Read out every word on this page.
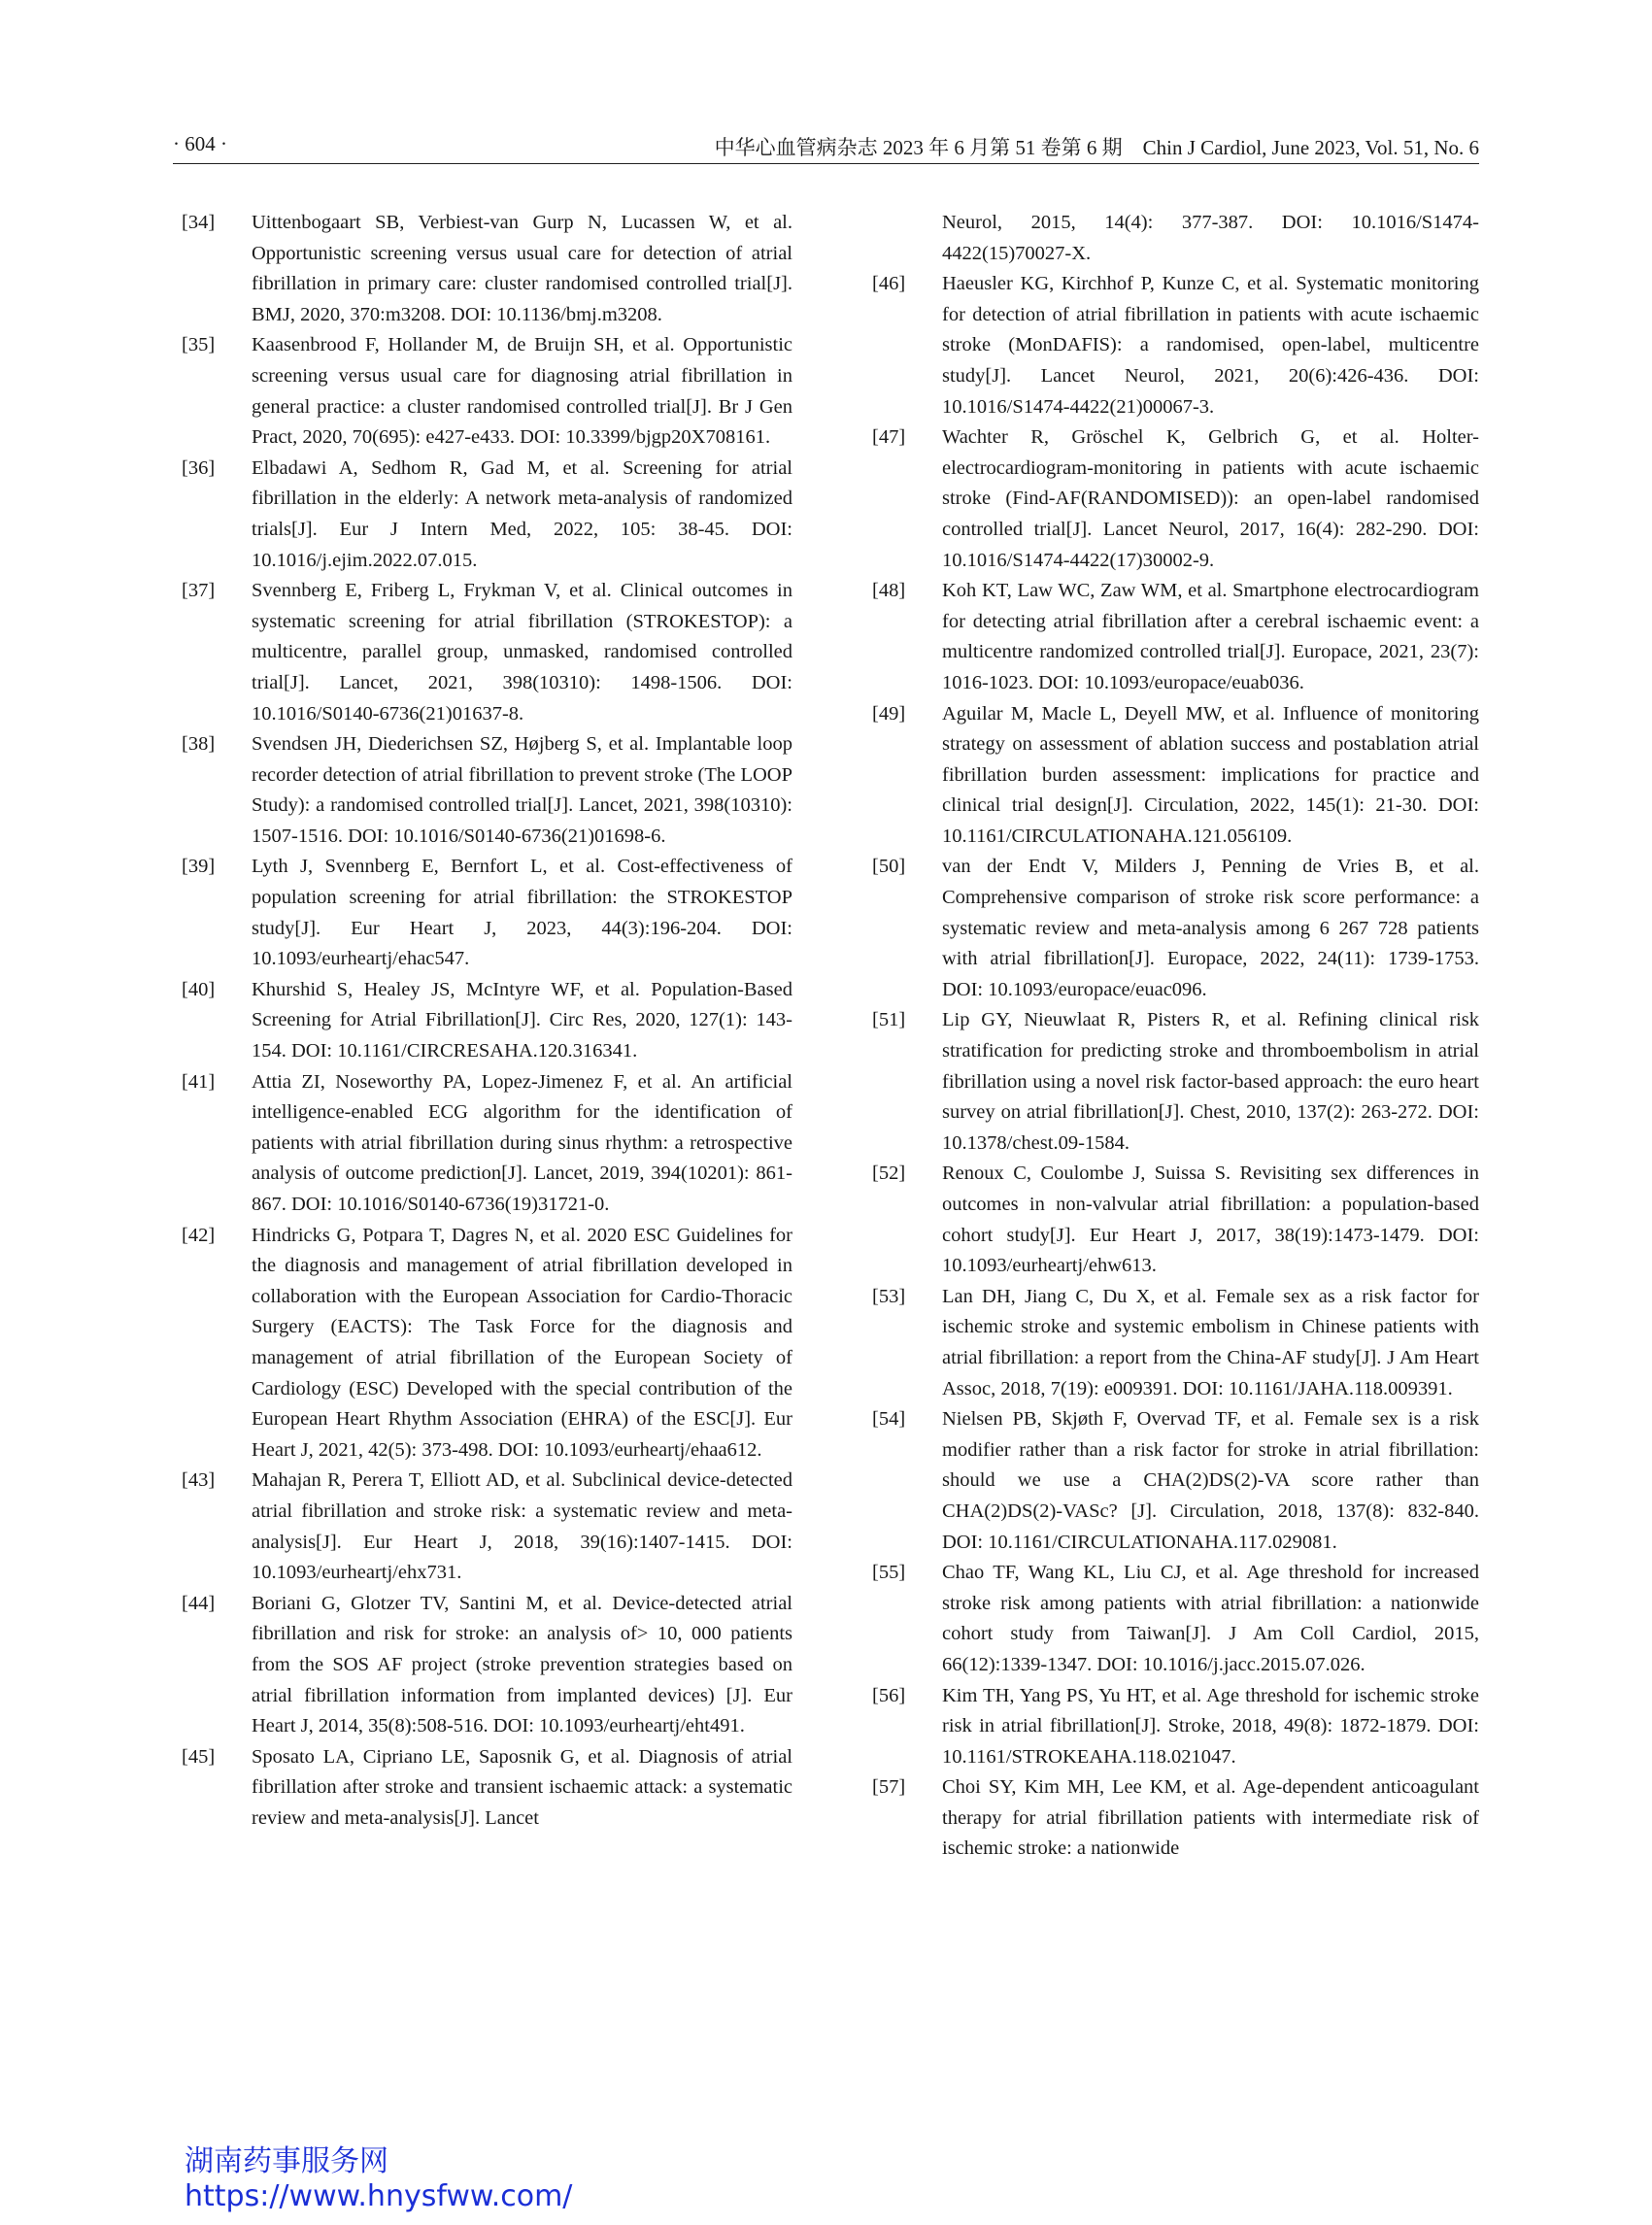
· 604 ·	中华心血管病杂志 2023 年 6 月第 51 卷第 6 期　Chin J Cardiol, June 2023, Vol. 51, No. 6

[34] Uittenbogaart SB, Verbiest-van Gurp N, Lucassen W, et al. Opportunistic screening versus usual care for detection of atrial fibrillation in primary care: cluster randomised controlled trial[J]. BMJ, 2020, 370:m3208. DOI: 10.1136/bmj.m3208.

[35] Kaasenbrood F, Hollander M, de Bruijn SH, et al. Opportunistic screening versus usual care for diagnosing atrial fibrillation in general practice: a cluster randomised controlled trial[J]. Br J Gen Pract, 2020, 70(695): e427-e433. DOI: 10.3399/bjgp20X708161.

[36] Elbadawi A, Sedhom R, Gad M, et al. Screening for atrial fibrillation in the elderly: A network meta-analysis of randomized trials[J]. Eur J Intern Med, 2022, 105: 38-45. DOI: 10.1016/j.ejim.2022.07.015.

[37] Svennberg E, Friberg L, Frykman V, et al. Clinical outcomes in systematic screening for atrial fibrillation (STROKESTOP): a multicentre, parallel group, unmasked, randomised controlled trial[J]. Lancet, 2021, 398(10310): 1498-1506. DOI: 10.1016/S0140-6736(21)01637-8.

[38] Svendsen JH, Diederichsen SZ, Højberg S, et al. Implantable loop recorder detection of atrial fibrillation to prevent stroke (The LOOP Study): a randomised controlled trial[J]. Lancet, 2021, 398(10310): 1507-1516. DOI: 10.1016/S0140-6736(21)01698-6.

[39] Lyth J, Svennberg E, Bernfort L, et al. Cost-effectiveness of population screening for atrial fibrillation: the STROKESTOP study[J]. Eur Heart J, 2023, 44(3):196-204. DOI: 10.1093/eurheartj/ehac547.

[40] Khurshid S, Healey JS, McIntyre WF, et al. Population-Based Screening for Atrial Fibrillation[J]. Circ Res, 2020, 127(1): 143-154. DOI: 10.1161/CIRCRESAHA.120.316341.

[41] Attia ZI, Noseworthy PA, Lopez-Jimenez F, et al. An artificial intelligence-enabled ECG algorithm for the identification of patients with atrial fibrillation during sinus rhythm: a retrospective analysis of outcome prediction[J]. Lancet, 2019, 394(10201): 861-867. DOI: 10.1016/S0140-6736(19)31721-0.

[42] Hindricks G, Potpara T, Dagres N, et al. 2020 ESC Guidelines for the diagnosis and management of atrial fibrillation developed in collaboration with the European Association for Cardio-Thoracic Surgery (EACTS): The Task Force for the diagnosis and management of atrial fibrillation of the European Society of Cardiology (ESC) Developed with the special contribution of the European Heart Rhythm Association (EHRA) of the ESC[J]. Eur Heart J, 2021, 42(5): 373-498. DOI: 10.1093/eurheartj/ehaa612.

[43] Mahajan R, Perera T, Elliott AD, et al. Subclinical device-detected atrial fibrillation and stroke risk: a systematic review and meta-analysis[J]. Eur Heart J, 2018, 39(16):1407-1415. DOI: 10.1093/eurheartj/ehx731.

[44] Boriani G, Glotzer TV, Santini M, et al. Device-detected atrial fibrillation and risk for stroke: an analysis of> 10, 000 patients from the SOS AF project (stroke prevention strategies based on atrial fibrillation information from implanted devices) [J]. Eur Heart J, 2014, 35(8):508-516. DOI: 10.1093/eurheartj/eht491.

[45] Sposato LA, Cipriano LE, Saposnik G, et al. Diagnosis of atrial fibrillation after stroke and transient ischaemic attack: a systematic review and meta-analysis[J]. Lancet

Neurol, 2015, 14(4): 377-387. DOI: 10.1016/S1474-4422(15)70027-X.

[46] Haeusler KG, Kirchhof P, Kunze C, et al. Systematic monitoring for detection of atrial fibrillation in patients with acute ischaemic stroke (MonDAFIS): a randomised, open-label, multicentre study[J]. Lancet Neurol, 2021, 20(6):426-436. DOI: 10.1016/S1474-4422(21)00067-3.

[47] Wachter R, Gröschel K, Gelbrich G, et al. Holter-electrocardiogram-monitoring in patients with acute ischaemic stroke (Find-AF(RANDOMISED)): an open-label randomised controlled trial[J]. Lancet Neurol, 2017, 16(4): 282-290. DOI: 10.1016/S1474-4422(17)30002-9.

[48] Koh KT, Law WC, Zaw WM, et al. Smartphone electrocardiogram for detecting atrial fibrillation after a cerebral ischaemic event: a multicentre randomized controlled trial[J]. Europace, 2021, 23(7): 1016-1023. DOI: 10.1093/europace/euab036.

[49] Aguilar M, Macle L, Deyell MW, et al. Influence of monitoring strategy on assessment of ablation success and postablation atrial fibrillation burden assessment: implications for practice and clinical trial design[J]. Circulation, 2022, 145(1): 21-30. DOI: 10.1161/CIRCULATIONAHA.121.056109.

[50] van der Endt V, Milders J, Penning de Vries B, et al. Comprehensive comparison of stroke risk score performance: a systematic review and meta-analysis among 6 267 728 patients with atrial fibrillation[J]. Europace, 2022, 24(11): 1739-1753. DOI: 10.1093/europace/euac096.

[51] Lip GY, Nieuwlaat R, Pisters R, et al. Refining clinical risk stratification for predicting stroke and thromboembolism in atrial fibrillation using a novel risk factor-based approach: the euro heart survey on atrial fibrillation[J]. Chest, 2010, 137(2): 263-272. DOI: 10.1378/chest.09-1584.

[52] Renoux C, Coulombe J, Suissa S. Revisiting sex differences in outcomes in non-valvular atrial fibrillation: a population-based cohort study[J]. Eur Heart J, 2017, 38(19):1473-1479. DOI: 10.1093/eurheartj/ehw613.

[53] Lan DH, Jiang C, Du X, et al. Female sex as a risk factor for ischemic stroke and systemic embolism in Chinese patients with atrial fibrillation: a report from the China-AF study[J]. J Am Heart Assoc, 2018, 7(19): e009391. DOI: 10.1161/JAHA.118.009391.

[54] Nielsen PB, Skjøth F, Overvad TF, et al. Female sex is a risk modifier rather than a risk factor for stroke in atrial fibrillation: should we use a CHA(2)DS(2)-VA score rather than CHA(2)DS(2)-VASc? [J]. Circulation, 2018, 137(8): 832-840. DOI: 10.1161/CIRCULATIONAHA.117.029081.

[55] Chao TF, Wang KL, Liu CJ, et al. Age threshold for increased stroke risk among patients with atrial fibrillation: a nationwide cohort study from Taiwan[J]. J Am Coll Cardiol, 2015, 66(12):1339-1347. DOI: 10.1016/j.jacc.2015.07.026.

[56] Kim TH, Yang PS, Yu HT, et al. Age threshold for ischemic stroke risk in atrial fibrillation[J]. Stroke, 2018, 49(8): 1872-1879. DOI: 10.1161/STROKEAHA.118.021047.

[57] Choi SY, Kim MH, Lee KM, et al. Age-dependent anticoagulant therapy for atrial fibrillation patients with intermediate risk of ischemic stroke: a nationwide

湖南药事服务网
https://www.hnysfww.com/
